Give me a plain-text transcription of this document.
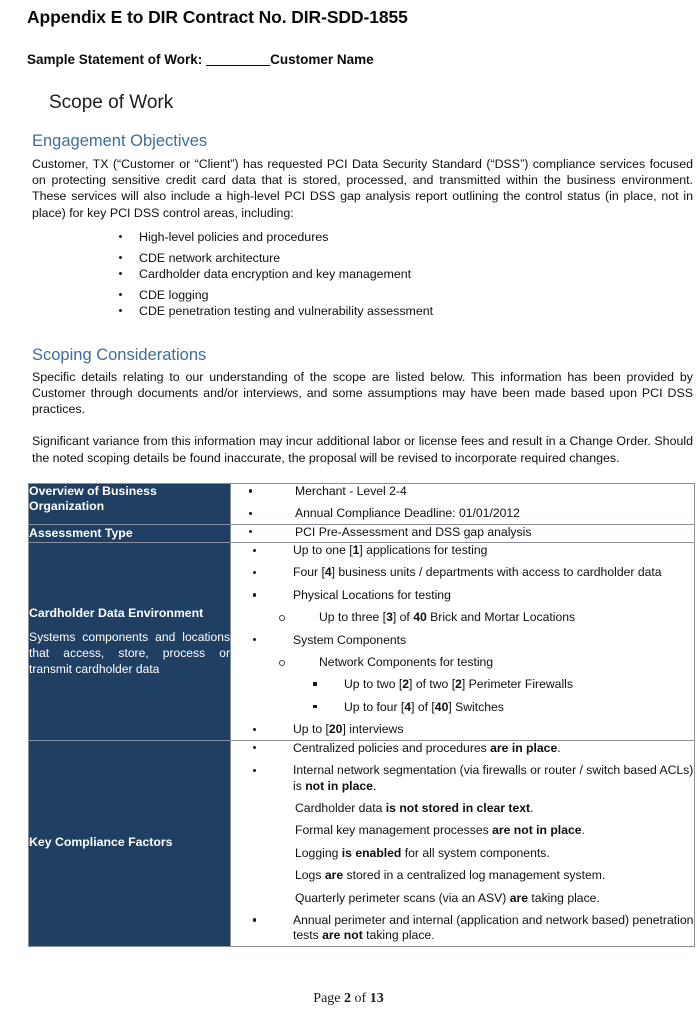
Appendix E to DIR Contract No. DIR-SDD-1855

Sample Statement of Work: ________Customer Name

Scope of Work
Engagement Objectives

Customer, TX (“Customer or “Client”) has requested PCI Data Security Standard (“DSS”) compliance services focused on protecting sensitive credit card data that is stored, processed, and transmitted within the business environment. These services will also include a high-level PCI DSS gap analysis report outlining the control status (in place, not in place) for key PCI DSS control areas, including:

High-level policies and procedures
CDE network architecture
Cardholder data encryption and key management
CDE logging
CDE penetration testing and vulnerability assessment
Scoping Considerations

Specific details relating to our understanding of the scope are listed below. This information has been provided by Customer through documents and/or interviews, and some assumptions may have been made based upon PCI DSS practices.

Significant variance from this information may incur additional labor or license fees and result in a Change Order. Should the noted scoping details be found inaccurate, the proposal will be revised to incorporate required changes.

Overview of Business Organization

Merchant - Level 2-4
Annual Compliance Deadline: 01/01/2012

Assessment Type	PCI Pre-Assessment and DSS gap analysis

Cardholder Data Environment
Systems components and locations that access, store, process or transmit cardholder data

Up to one [1] applications for testing
Four [4] business units / departments with access to cardholder data
Physical Locations for testing
Up to three [3] of 40 Brick and Mortar Locations
System Components
Network Components for testing
Up to two [2] of two [2] Perimeter Firewalls
Up to four [4] of [40] Switches
Up to [20] interviews

Key Compliance Factors

Centralized policies and procedures are in place.
Internal network segmentation (via firewalls or router / switch based ACLs) is not in place.
Cardholder data is not stored in clear text.
Formal key management processes are not in place.
Logging is enabled for all system components.
Logs are stored in a centralized log management system.
Quarterly perimeter scans (via an ASV) are taking place.
Annual perimeter and internal (application and network based) penetration tests are not taking place.
Page 2 of 13
